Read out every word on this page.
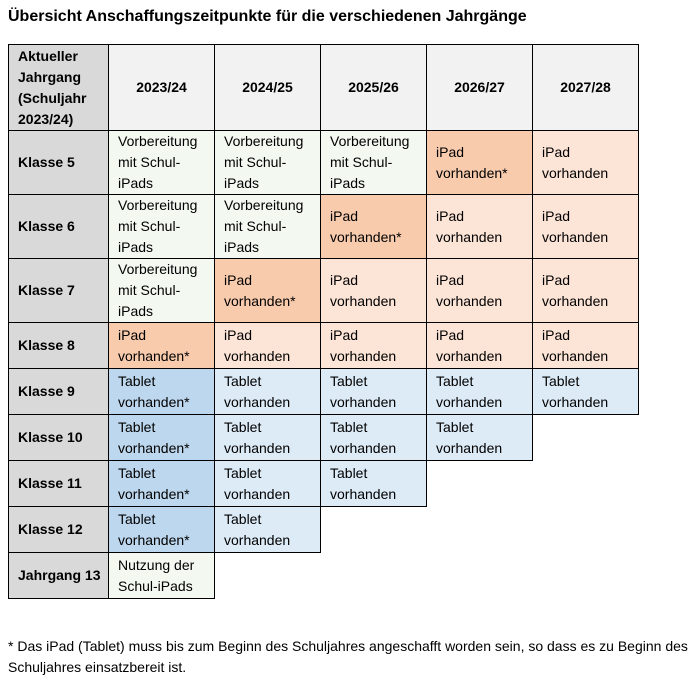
Übersicht Anschaffungszeitpunkte für die verschiedenen Jahrgänge
Aktueller Jahrgang (Schuljahr 2023/24)	2023/24	2024/25	2025/26	2026/27	2027/28
Klasse 5	Vorbereitung mit Schul-iPads	Vorbereitung mit Schul-iPads	Vorbereitung mit Schul-iPads	iPad vorhanden*	iPad vorhanden
Klasse 6	Vorbereitung mit Schul-iPads	Vorbereitung mit Schul-iPads	iPad vorhanden*	iPad vorhanden	iPad vorhanden
Klasse 7	Vorbereitung mit Schul-iPads	iPad vorhanden*	iPad vorhanden	iPad vorhanden	iPad vorhanden
Klasse 8	iPad vorhanden*	iPad vorhanden	iPad vorhanden	iPad vorhanden	iPad vorhanden
Klasse 9	Tablet vorhanden*	Tablet vorhanden	Tablet vorhanden	Tablet vorhanden	Tablet vorhanden
Klasse 10	Tablet vorhanden*	Tablet vorhanden	Tablet vorhanden	Tablet vorhanden	
Klasse 11	Tablet vorhanden*	Tablet vorhanden	Tablet vorhanden		
Klasse 12	Tablet vorhanden*	Tablet vorhanden			
Jahrgang 13	Nutzung der Schul-iPads				
* Das iPad (Tablet) muss bis zum Beginn des Schuljahres angeschafft worden sein, so dass es zu Beginn des Schuljahres einsatzbereit ist.
